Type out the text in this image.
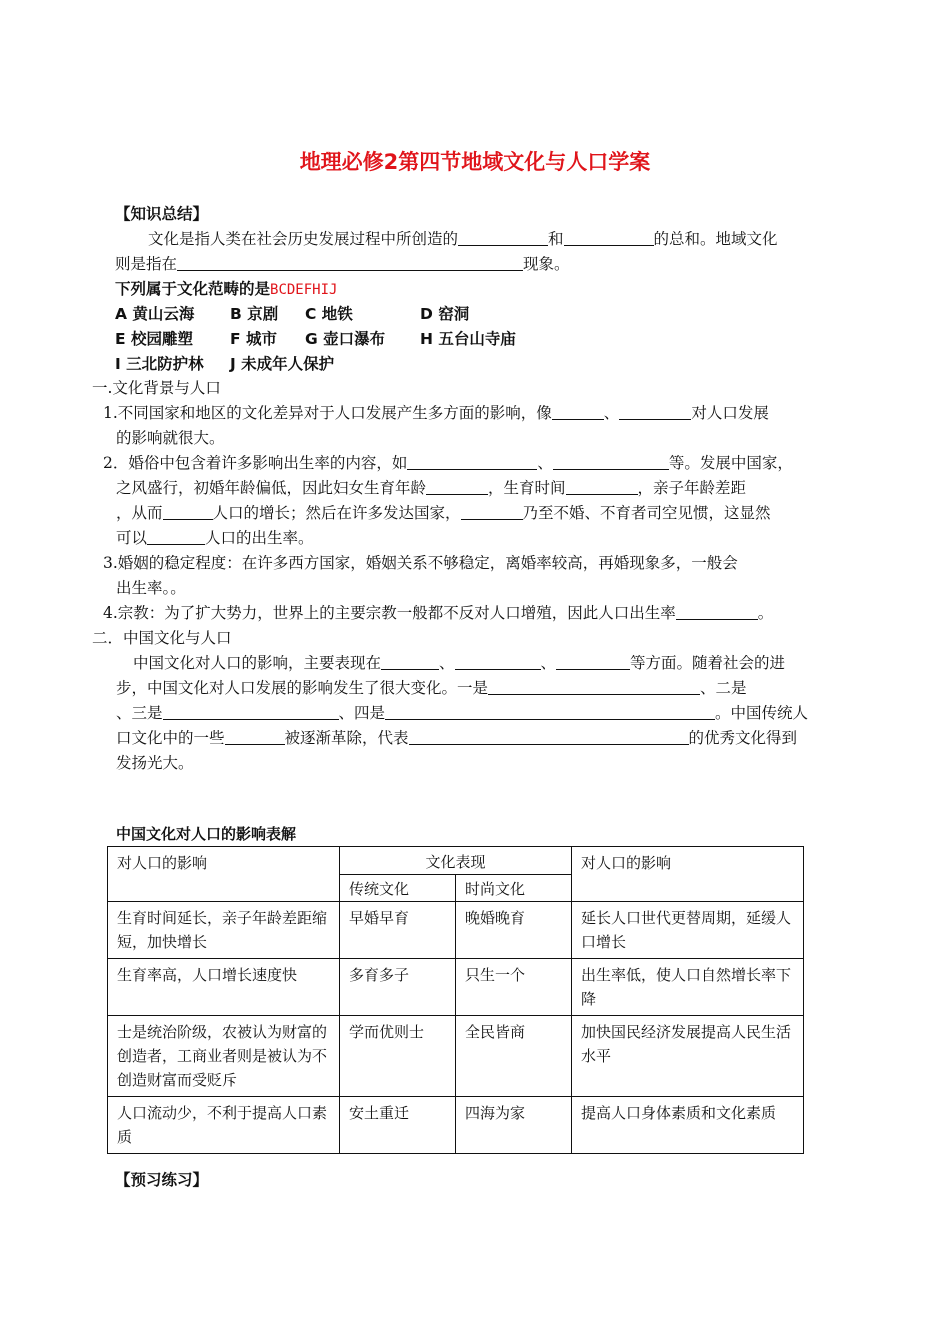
地理必修2第四节地域文化与人口学案
【知识总结】
文化是指人类在社会历史发展过程中所创造的	和	的总和。地域文化
则是指在	现象。
下列属于文化范畴的是BCDEFHIJ
A 黄山云海 B 京剧 C 地铁	D 窑洞
E 校园雕塑 F 城市 G 壶口瀑布 H 五台山寺庙
I 三北防护林 J 未成年人保护
一.文化背景与人口
1.不同国家和地区的文化差异对于人口发展产生多方面的影响，像	、	对人口发展
的影响就很大。
2．婚俗中包含着许多影响出生率的内容，如	、	等。发展中国家，
之风盛行，初婚年龄偏低，因此妇女生育年龄	，生育时间	，亲子年龄差距
，从而	人口的增长；然后在许多发达国家，	乃至不婚、不育者司空见惯，这显然
可以	人口的出生率。
3.婚姻的稳定程度：在许多西方国家，婚姻关系不够稳定，离婚率较高，再婚现象多，一般会
出生率。。
4.宗教：为了扩大势力，世界上的主要宗教一般都不反对人口增殖，因此人口出生率	。
二．中国文化与人口
中国文化对人口的影响，主要表现在	、	、	等方面。随着社会的进
步，中国文化对人口发展的影响发生了很大变化。一是	、二是
、三是	、四是	。中国传统人
口文化中的一些	被逐渐革除，代表	的优秀文化得到
发扬光大。
中国文化对人口的影响表解
对人口的影响	文化表现		对人口的影响
	传统文化	时尚文化	
生育时间延长，亲子年龄差距缩短，加快增长	早婚早育	晚婚晚育	延长人口世代更替周期，延缓人口增长
生育率高，人口增长速度快	多育多子	只生一个	出生率低，使人口自然增长率下降
士是统治阶级，农被认为财富的创造者，工商业者则是被认为不创造财富而受贬斥	学而优则士	全民皆商	加快国民经济发展提高人民生活水平
人口流动少，不利于提高人口素质	安土重迁	四海为家	提高人口身体素质和文化素质
【预习练习】
